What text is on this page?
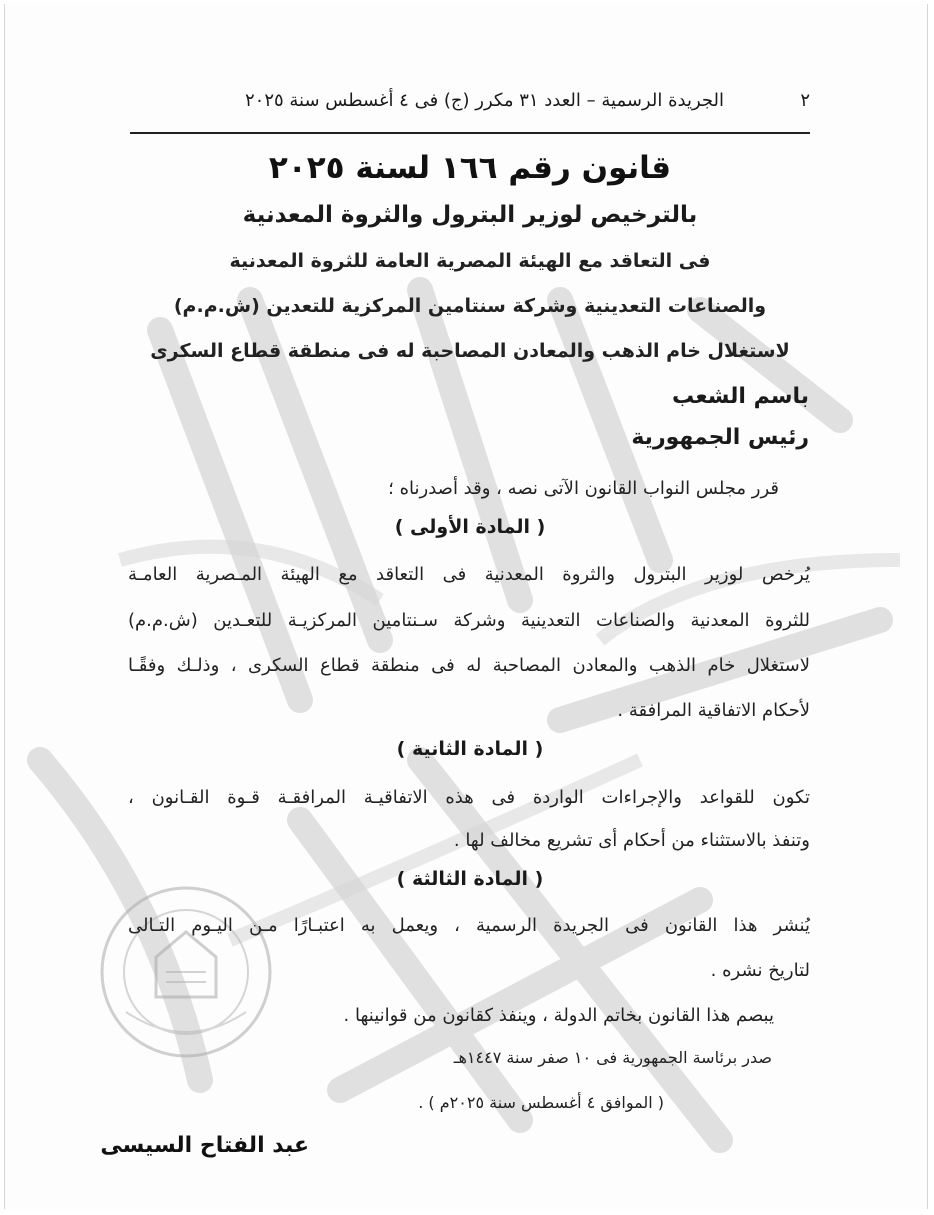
٢
الجريدة الرسمية – العدد ٣١ مكرر (ج) فى ٤ أغسطس سنة ٢٠٢٥
قانون رقم ١٦٦ لسنة ٢٠٢٥
بالترخيص لوزير البترول والثروة المعدنية
فى التعاقد مع الهيئة المصرية العامة للثروة المعدنية
والصناعات التعدينية وشركة سنتامين المركزية للتعدين (ش.م.م)
لاستغلال خام الذهب والمعادن المصاحبة له فى منطقة قطاع السكرى
باسم الشعب
رئيس الجمهورية
قرر مجلس النواب القانون الآتى نصه ، وقد أصدرناه ؛
( المادة الأولى )
يُرخص لوزير البترول والثروة المعدنية فى التعاقد مع الهيئة المـصرية العامـة
للثروة المعدنية والصناعات التعدينية وشركة سـنتامين المركزيـة للتعـدين (ش.م.م)
لاستغلال خام الذهب والمعادن المصاحبة له فى منطقة قطاع السكرى ، وذلـك وفقًـا
لأحكام الاتفاقية المرافقة .
( المادة الثانية )
تكون للقواعد والإجراءات الواردة فى هذه الاتفاقيـة المرافقـة قـوة القـانون ،
وتنفذ بالاستثناء من أحكام أى تشريع مخالف لها .
( المادة الثالثة )
يُنشر هذا القانون فى الجريدة الرسمية ، ويعمل به اعتبـارًا مـن اليـوم التـالى
لتاريخ نشره .
يبصم هذا القانون بخاتم الدولة ، وينفذ كقانون من قوانينها .
صدر برئاسة الجمهورية فى ١٠ صفر سنة ١٤٤٧هـ
( الموافق ٤ أغسطس سنة ٢٠٢٥م ) .
عبد الفتاح السيسى
